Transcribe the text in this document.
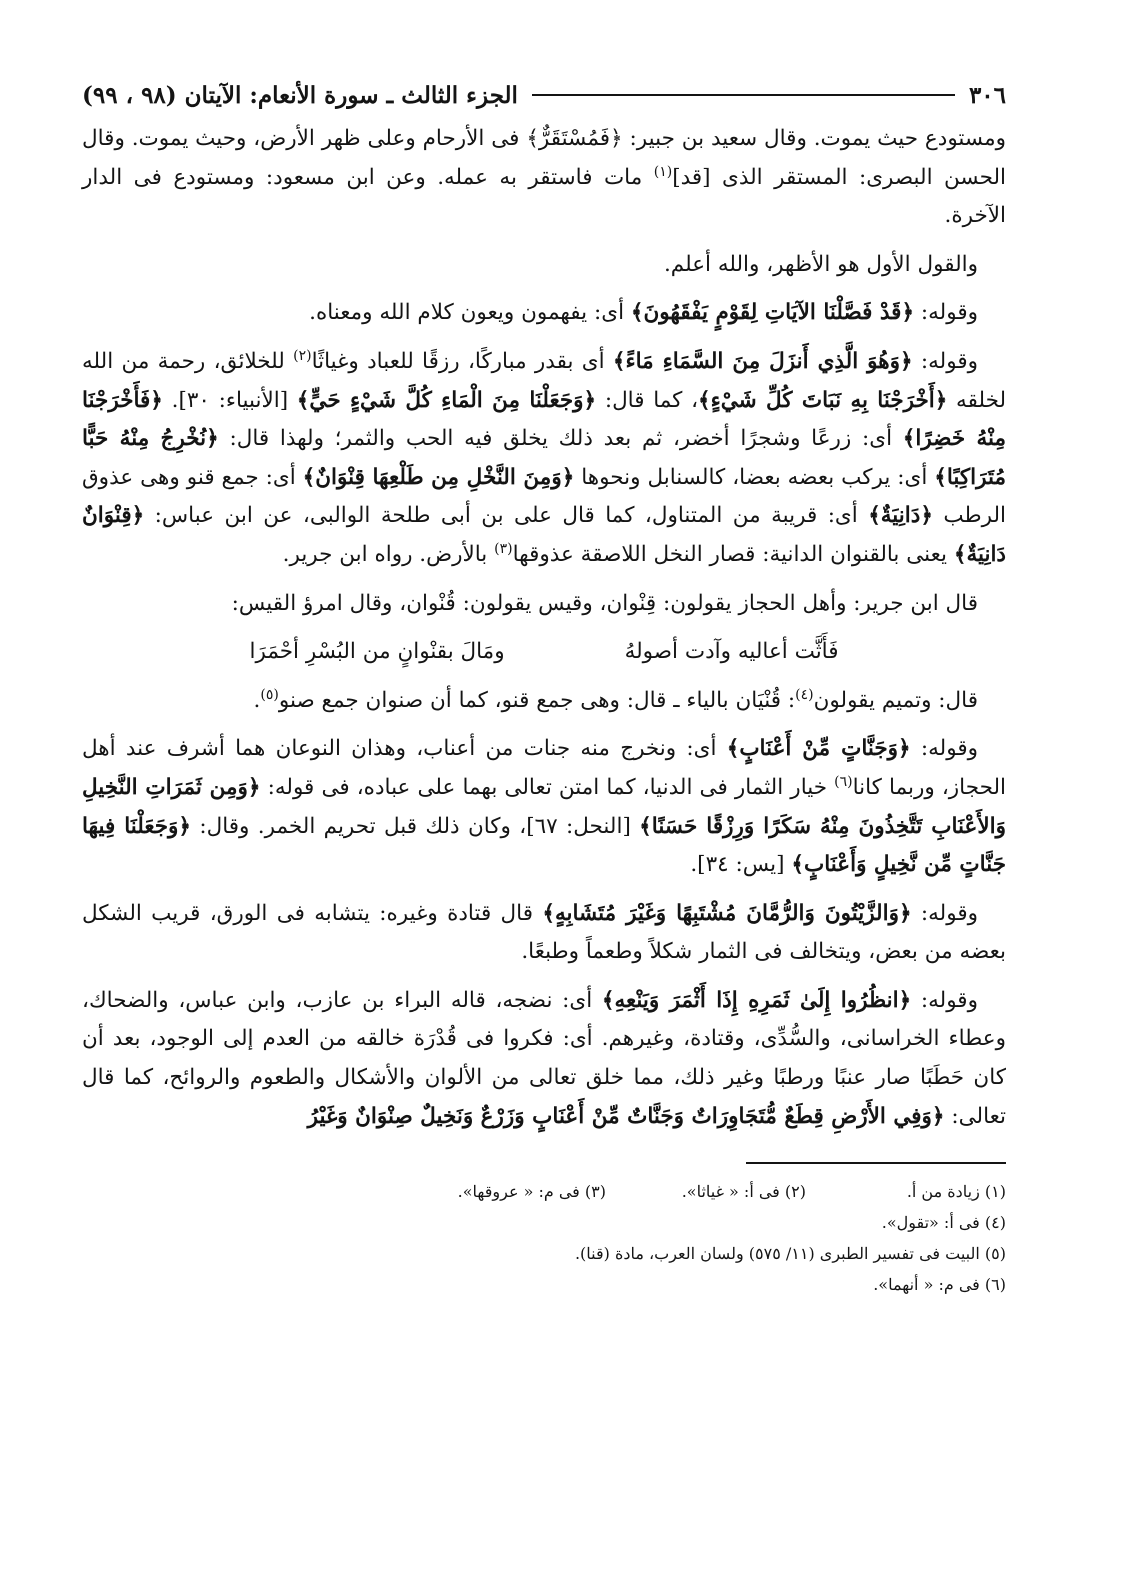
٣٠٦
الجزء الثالث ـ سورة الأنعام: الآيتان (٩٨ ، ٩٩)

ومستودع حيث يموت. وقال سعيد بن جبير: ﴿فَمُسْتَقَرٌّ﴾ فى الأرحام وعلى ظهر الأرض، وحيث يموت. وقال الحسن البصرى: المستقر الذى [قد]$^{(١)}$ مات فاستقر به عمله. وعن ابن مسعود: ومستودع فى الدار الآخرة.

والقول الأول هو الأظهر، والله أعلم.

وقوله: ﴿قَدْ فَصَّلْنَا الآيَاتِ لِقَوْمٍ يَفْقَهُونَ﴾ أى: يفهمون ويعون كلام الله ومعناه.

وقوله: ﴿وَهُوَ الَّذِي أَنزَلَ مِنَ السَّمَاءِ مَاءً﴾ أى بقدر مباركًا، رزقًا للعباد وغياثًا$^{(٢)}$ للخلائق، رحمة من الله لخلقه ﴿أَخْرَجْنَا بِهِ نَبَاتَ كُلِّ شَيْءٍ﴾، كما قال: ﴿وَجَعَلْنَا مِنَ الْمَاءِ كُلَّ شَيْءٍ حَيٍّ﴾ [الأنبياء: ٣٠]. ﴿فَأَخْرَجْنَا مِنْهُ خَضِرًا﴾ أى: زرعًا وشجرًا أخضر، ثم بعد ذلك يخلق فيه الحب والثمر؛ ولهذا قال: ﴿نُخْرِجُ مِنْهُ حَبًّا مُتَرَاكِبًا﴾ أى: يركب بعضه بعضا، كالسنابل ونحوها ﴿وَمِنَ النَّخْلِ مِن طَلْعِهَا قِنْوَانٌ﴾ أى: جمع قنو وهى عذوق الرطب ﴿دَانِيَةٌ﴾ أى: قريبة من المتناول، كما قال على بن أبى طلحة الوالبى، عن ابن عباس: ﴿قِنْوَانٌ دَانِيَةٌ﴾ يعنى بالقنوان الدانية: قصار النخل اللاصقة عذوقها$^{(٣)}$ بالأرض. رواه ابن جرير.

قال ابن جرير: وأهل الحجاز يقولون: قِنْوان، وقيس يقولون: قُنْوان، وقال امرؤ القيس:

فَأَثَّت أعاليه وآدت أصولهُ
ومَالَ بقنْوانٍ من البُسْرِ أحْمَرَا

قال: وتميم يقولون$^{(٤)}$: قُنْيَان بالياء ـ قال: وهى جمع قنو، كما أن صنوان جمع صنو$^{(٥)}$.

وقوله: ﴿وَجَنَّاتٍ مِّنْ أَعْنَابٍ﴾ أى: ونخرج منه جنات من أعناب، وهذان النوعان هما أشرف عند أهل الحجاز، وربما كانا$^{(٦)}$ خيار الثمار فى الدنيا، كما امتن تعالى بهما على عباده، فى قوله: ﴿وَمِن ثَمَرَاتِ النَّخِيلِ وَالأَعْنَابِ تَتَّخِذُونَ مِنْهُ سَكَرًا وَرِزْقًا حَسَنًا﴾ [النحل: ٦٧]، وكان ذلك قبل تحريم الخمر. وقال: ﴿وَجَعَلْنَا فِيهَا جَنَّاتٍ مِّن نَّخِيلٍ وَأَعْنَابٍ﴾ [يس: ٣٤].

وقوله: ﴿وَالزَّيْتُونَ وَالرُّمَّانَ مُشْتَبِهًا وَغَيْرَ مُتَشَابِهٍ﴾ قال قتادة وغيره: يتشابه فى الورق، قريب الشكل بعضه من بعض، ويتخالف فى الثمار شكلاً وطعماً وطبعًا.

وقوله: ﴿انظُرُوا إِلَىٰ ثَمَرِهِ إِذَا أَثْمَرَ وَيَنْعِهِ﴾ أى: نضجه، قاله البراء بن عازب، وابن عباس، والضحاك، وعطاء الخراسانى، والسُّدِّى، وقتادة، وغيرهم. أى: فكروا فى قُدْرَة خالقه من العدم إلى الوجود، بعد أن كان حَطَبًا صار عنبًا ورطبًا وغير ذلك، مما خلق تعالى من الألوان والأشكال والطعوم والروائح، كما قال تعالى: ﴿وَفِي الأَرْضِ قِطَعٌ مُّتَجَاوِرَاتٌ وَجَنَّاتٌ مِّنْ أَعْنَابٍ وَزَرْعٌ وَنَخِيلٌ صِنْوَانٌ وَغَيْرُ

(١) زيادة من أ.
(٢) فى أ: « غياثا».
(٣) فى م: « عروقها».
(٤) فى أ: «تقول».
(٥) البيت فى تفسير الطبرى (١١/ ٥٧٥) ولسان العرب، مادة (قنا).
(٦) فى م: « أنهما».
